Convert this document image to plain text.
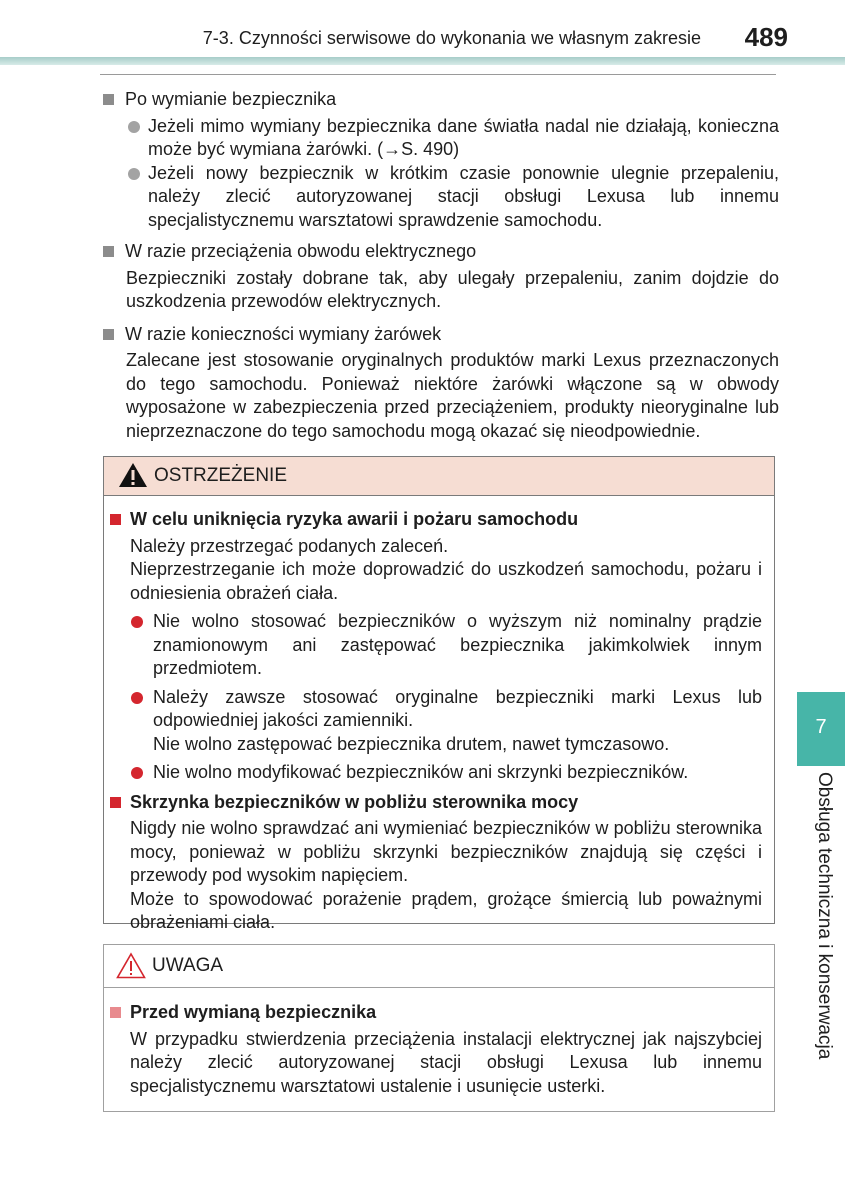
7-3. Czynności serwisowe do wykonania we własnym zakresie 489
Po wymianie bezpiecznika
Jeżeli mimo wymiany bezpiecznika dane światła nadal nie działają, konieczna może być wymiana żarówki. (→S. 490)
Jeżeli nowy bezpiecznik w krótkim czasie ponownie ulegnie przepaleniu, należy zlecić autoryzowanej stacji obsługi Lexusa lub innemu specjalistycznemu warsztatowi sprawdzenie samochodu.
W razie przeciążenia obwodu elektrycznego
Bezpieczniki zostały dobrane tak, aby ulegały przepaleniu, zanim dojdzie do uszkodzenia przewodów elektrycznych.
W razie konieczności wymiany żarówek
Zalecane jest stosowanie oryginalnych produktów marki Lexus przeznaczonych do tego samochodu. Ponieważ niektóre żarówki włączone są w obwody wyposażone w zabezpieczenia przed przeciążeniem, produkty nieoryginalne lub nieprzeznaczone do tego samochodu mogą okazać się nieodpowiednie.
OSTRZEŻENIE
W celu uniknięcia ryzyka awarii i pożaru samochodu
Należy przestrzegać podanych zaleceń.
Nieprzestrzeganie ich może doprowadzić do uszkodzeń samochodu, pożaru i odniesienia obrażeń ciała.
Nie wolno stosować bezpieczników o wyższym niż nominalny prądzie znamionowym ani zastępować bezpiecznika jakimkolwiek innym przedmiotem.
Należy zawsze stosować oryginalne bezpieczniki marki Lexus lub odpowiedniej jakości zamienniki.
Nie wolno zastępować bezpiecznika drutem, nawet tymczasowo.
Nie wolno modyfikować bezpieczników ani skrzynki bezpieczników.
Skrzynka bezpieczników w pobliżu sterownika mocy
Nigdy nie wolno sprawdzać ani wymieniać bezpieczników w pobliżu sterownika mocy, ponieważ w pobliżu skrzynki bezpieczników znajdują się części i przewody pod wysokim napięciem.
Może to spowodować porażenie prądem, grożące śmiercią lub poważnymi obrażeniami ciała.
UWAGA
Przed wymianą bezpiecznika
W przypadku stwierdzenia przeciążenia instalacji elektrycznej jak najszybciej należy zlecić autoryzowanej stacji obsługi Lexusa lub innemu specjalistycznemu warsztatowi ustalenie i usunięcie usterki.
7
Obsługa techniczna i konserwacja
